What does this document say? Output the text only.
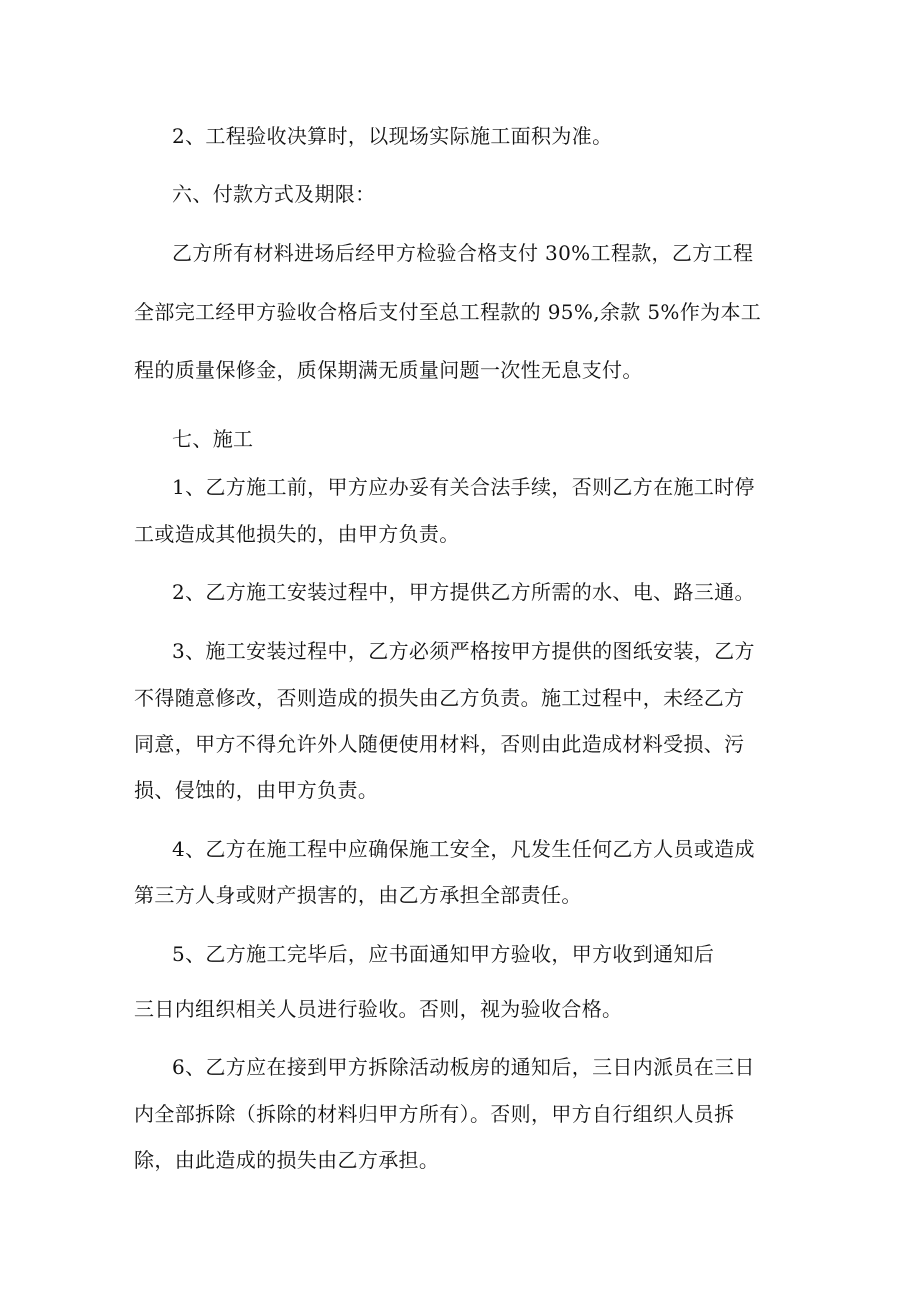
2、工程验收决算时，以现场实际施工面积为准。
六、付款方式及期限：
乙方所有材料进场后经甲方检验合格支付 30%工程款，乙方工程
全部完工经甲方验收合格后支付至总工程款的 95%,余款 5%作为本工
程的质量保修金，质保期满无质量问题一次性无息支付。
七、施工
1、乙方施工前，甲方应办妥有关合法手续，否则乙方在施工时停
工或造成其他损失的，由甲方负责。
2、乙方施工安装过程中，甲方提供乙方所需的水、电、路三通。
3、施工安装过程中，乙方必须严格按甲方提供的图纸安装，乙方
不得随意修改，否则造成的损失由乙方负责。施工过程中，未经乙方
同意，甲方不得允许外人随便使用材料，否则由此造成材料受损、污
损、侵蚀的，由甲方负责。
4、乙方在施工程中应确保施工安全，凡发生任何乙方人员或造成
第三方人身或财产损害的，由乙方承担全部责任。
5、乙方施工完毕后，应书面通知甲方验收，甲方收到通知后
三日内组织相关人员进行验收。否则，视为验收合格。
6、乙方应在接到甲方拆除活动板房的通知后，三日内派员在三日
内全部拆除（拆除的材料归甲方所有）。否则，甲方自行组织人员拆
除，由此造成的损失由乙方承担。
